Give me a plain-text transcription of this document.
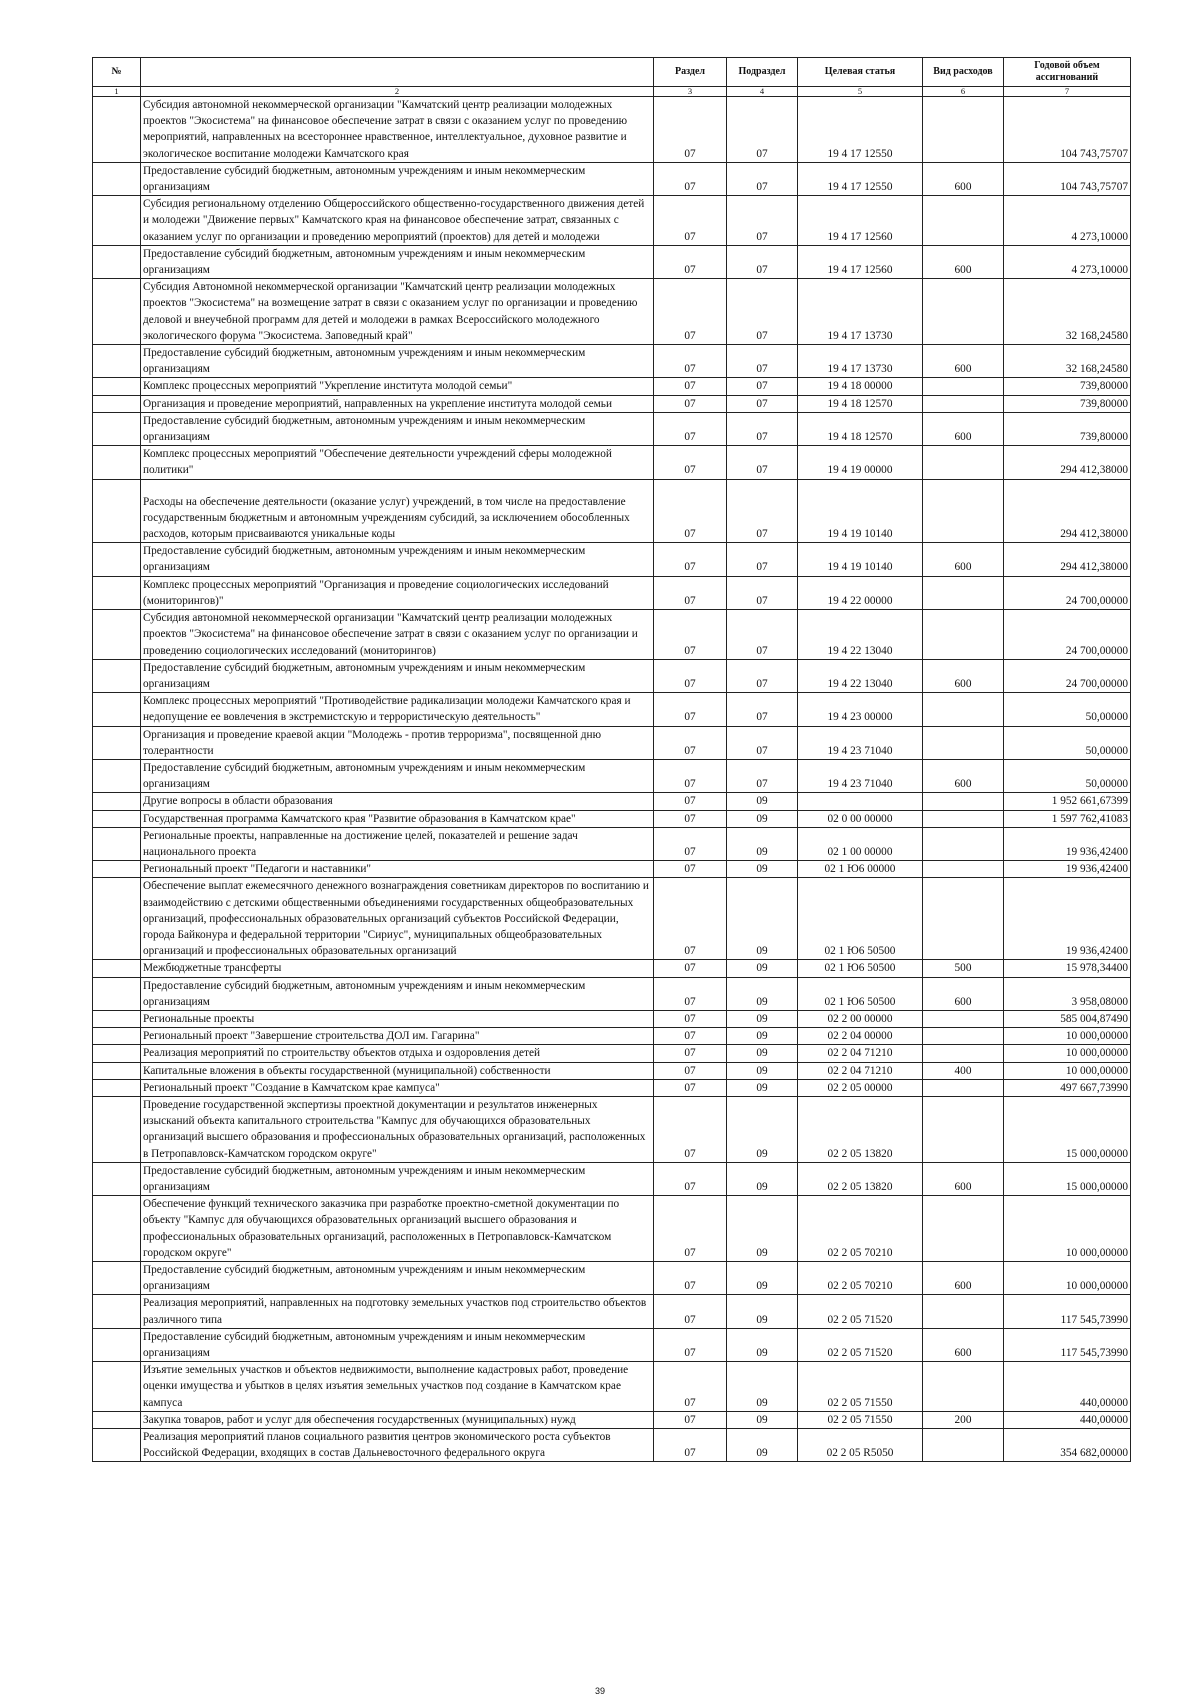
№		Раздел	Подраздел	Целевая статья	Вид расходов	Годовой объем ассигнований
1	2	3	4	5	6	7
	Субсидия автономной некоммерческой организации "Камчатский центр реализации молодежных проектов "Экосистема" на финансовое обеспечение затрат в связи с оказанием услуг по проведению мероприятий, направленных на всестороннее нравственное, интеллектуальное, духовное развитие и экологическое воспитание молодежи Камчатского края	07	07	19 4 17 12550		104 743,75707
	Предоставление субсидий бюджетным, автономным учреждениям и иным некоммерческим организациям	07	07	19 4 17 12550	600	104 743,75707
	Субсидия региональному отделению Общероссийского общественно-государственного движения детей и молодежи "Движение первых" Камчатского края на финансовое обеспечение затрат, связанных с оказанием услуг по организации и проведению мероприятий (проектов) для детей и молодежи	07	07	19 4 17 12560		4 273,10000
	Предоставление субсидий бюджетным, автономным учреждениям и иным некоммерческим организациям	07	07	19 4 17 12560	600	4 273,10000
	Субсидия Автономной некоммерческой организации "Камчатский центр реализации молодежных проектов "Экосистема" на возмещение затрат в связи с оказанием услуг по организации и проведению деловой и внеучебной программ для детей и молодежи в рамках Всероссийского молодежного экологического форума "Экосистема. Заповедный край"	07	07	19 4 17 13730		32 168,24580
	Предоставление субсидий бюджетным, автономным учреждениям и иным некоммерческим организациям	07	07	19 4 17 13730	600	32 168,24580
	Комплекс процессных мероприятий "Укрепление института молодой семьи"	07	07	19 4 18 00000		739,80000
	Организация и проведение мероприятий, направленных на укрепление института молодой семьи	07	07	19 4 18 12570		739,80000
	Предоставление субсидий бюджетным, автономным учреждениям и иным некоммерческим организациям	07	07	19 4 18 12570	600	739,80000
	Комплекс процессных мероприятий "Обеспечение деятельности учреждений сферы молодежной политики"	07	07	19 4 19 00000		294 412,38000
	Расходы на обеспечение деятельности (оказание услуг) учреждений, в том числе на предоставление государственным бюджетным и автономным учреждениям субсидий, за исключением обособленных расходов, которым присваиваются уникальные коды	07	07	19 4 19 10140		294 412,38000
	Предоставление субсидий бюджетным, автономным учреждениям и иным некоммерческим организациям	07	07	19 4 19 10140	600	294 412,38000
	Комплекс процессных мероприятий "Организация и проведение социологических исследований (мониторингов)"	07	07	19 4 22 00000		24 700,00000
	Субсидия автономной некоммерческой организации "Камчатский центр реализации молодежных проектов "Экосистема" на финансовое обеспечение затрат в связи с оказанием услуг по организации и проведению социологических исследований (мониторингов)	07	07	19 4 22 13040		24 700,00000
	Предоставление субсидий бюджетным, автономным учреждениям и иным некоммерческим организациям	07	07	19 4 22 13040	600	24 700,00000
	Комплекс процессных мероприятий "Противодействие радикализации молодежи Камчатского края и недопущение ее вовлечения в экстремистскую и террористическую деятельность"	07	07	19 4 23 00000		50,00000
	Организация и проведение краевой акции "Молодежь - против терроризма", посвященной дню толерантности	07	07	19 4 23 71040		50,00000
	Предоставление субсидий бюджетным, автономным учреждениям и иным некоммерческим организациям	07	07	19 4 23 71040	600	50,00000
	Другие вопросы в области образования	07	09			1 952 661,67399
	Государственная программа Камчатского края "Развитие образования в Камчатском крае"	07	09	02 0 00 00000		1 597 762,41083
	Региональные проекты, направленные на достижение целей, показателей и решение задач национального проекта	07	09	02 1 00 00000		19 936,42400
	Региональный проект "Педагоги и наставники"	07	09	02 1 Ю6 00000		19 936,42400
	Обеспечение выплат ежемесячного денежного вознаграждения советникам директоров по воспитанию и взаимодействию с детскими общественными объединениями государственных общеобразовательных организаций, профессиональных образовательных организаций субъектов Российской Федерации, города Байконура и федеральной территории "Сириус", муниципальных общеобразовательных организаций и профессиональных образовательных организаций	07	09	02 1 Ю6 50500		19 936,42400
	Межбюджетные трансферты	07	09	02 1 Ю6 50500	500	15 978,34400
	Предоставление субсидий бюджетным, автономным учреждениям и иным некоммерческим организациям	07	09	02 1 Ю6 50500	600	3 958,08000
	Региональные проекты	07	09	02 2 00 00000		585 004,87490
	Региональный проект "Завершение строительства ДОЛ им. Гагарина"	07	09	02 2 04 00000		10 000,00000
	Реализация мероприятий по строительству объектов отдыха и оздоровления детей	07	09	02 2 04 71210		10 000,00000
	Капитальные вложения в объекты государственной (муниципальной) собственности	07	09	02 2 04 71210	400	10 000,00000
	Региональный проект "Создание в Камчатском крае кампуса"	07	09	02 2 05 00000		497 667,73990
	Проведение государственной экспертизы проектной документации и результатов инженерных изысканий объекта капитального строительства "Кампус для обучающихся образовательных организаций высшего образования и профессиональных образовательных организаций, расположенных в Петропавловск-Камчатском городском округе"	07	09	02 2 05 13820		15 000,00000
	Предоставление субсидий бюджетным, автономным учреждениям и иным некоммерческим организациям	07	09	02 2 05 13820	600	15 000,00000
	Обеспечение функций технического заказчика при разработке проектно-сметной документации по объекту "Кампус для обучающихся образовательных организаций высшего образования и профессиональных образовательных организаций, расположенных в Петропавловск-Камчатском городском округе"	07	09	02 2 05 70210		10 000,00000
	Предоставление субсидий бюджетным, автономным учреждениям и иным некоммерческим организациям	07	09	02 2 05 70210	600	10 000,00000
	Реализация мероприятий, направленных на подготовку земельных участков под строительство объектов различного типа	07	09	02 2 05 71520		117 545,73990
	Предоставление субсидий бюджетным, автономным учреждениям и иным некоммерческим организациям	07	09	02 2 05 71520	600	117 545,73990
	Изъятие земельных участков и объектов недвижимости, выполнение кадастровых работ, проведение оценки имущества и убытков в целях изъятия земельных участков под создание в Камчатском крае кампуса	07	09	02 2 05 71550		440,00000
	Закупка товаров, работ и услуг для обеспечения государственных (муниципальных) нужд	07	09	02 2 05 71550	200	440,00000
	Реализация мероприятий планов социального развития центров экономического роста субъектов Российской Федерации, входящих в состав Дальневосточного федерального округа	07	09	02 2 05 R5050		354 682,00000
39
